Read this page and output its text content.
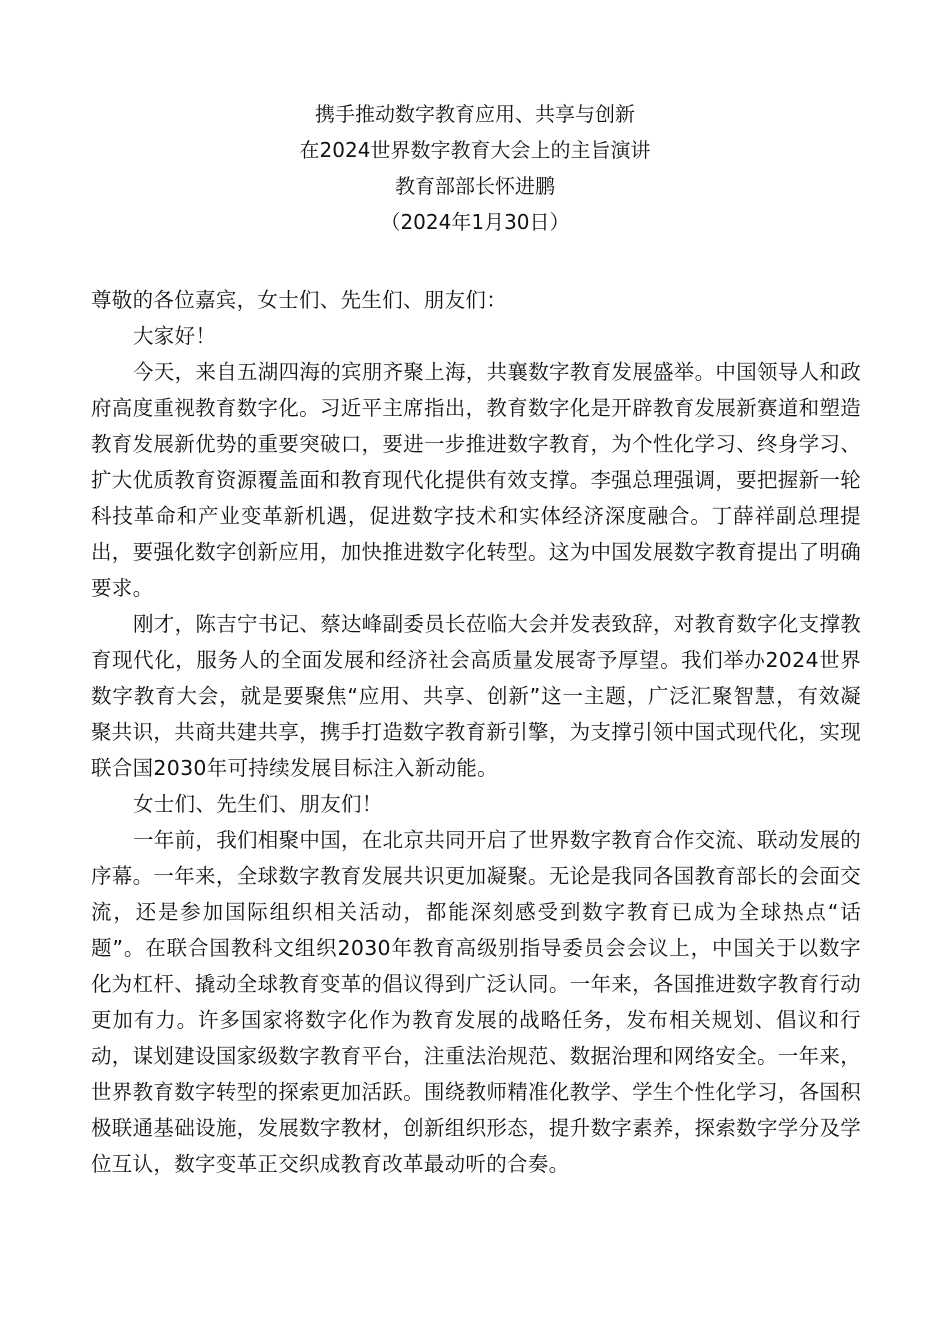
携手推动数字教育应用、共享与创新
在2024世界数字教育大会上的主旨演讲
教育部部长怀进鹏
（2024年1月30日）

尊敬的各位嘉宾，女士们、先生们、朋友们：

大家好！

今天，来自五湖四海的宾朋齐聚上海，共襄数字教育发展盛举。中国领导人和政府高度重视教育数字化。习近平主席指出，教育数字化是开辟教育发展新赛道和塑造教育发展新优势的重要突破口，要进一步推进数字教育，为个性化学习、终身学习、扩大优质教育资源覆盖面和教育现代化提供有效支撑。李强总理强调，要把握新一轮科技革命和产业变革新机遇，促进数字技术和实体经济深度融合。丁薛祥副总理提出，要强化数字创新应用，加快推进数字化转型。这为中国发展数字教育提出了明确要求。

刚才，陈吉宁书记、蔡达峰副委员长莅临大会并发表致辞，对教育数字化支撑教育现代化，服务人的全面发展和经济社会高质量发展寄予厚望。我们举办2024世界数字教育大会，就是要聚焦“应用、共享、创新”这一主题，广泛汇聚智慧，有效凝聚共识，共商共建共享，携手打造数字教育新引擎，为支撑引领中国式现代化，实现联合国2030年可持续发展目标注入新动能。

女士们、先生们、朋友们！

一年前，我们相聚中国，在北京共同开启了世界数字教育合作交流、联动发展的序幕。一年来，全球数字教育发展共识更加凝聚。无论是我同各国教育部长的会面交流，还是参加国际组织相关活动，都能深刻感受到数字教育已成为全球热点“话题”。在联合国教科文组织2030年教育高级别指导委员会会议上，中国关于以数字化为杠杆、撬动全球教育变革的倡议得到广泛认同。一年来，各国推进数字教育行动更加有力。许多国家将数字化作为教育发展的战略任务，发布相关规划、倡议和行动，谋划建设国家级数字教育平台，注重法治规范、数据治理和网络安全。一年来，世界教育数字转型的探索更加活跃。围绕教师精准化教学、学生个性化学习，各国积极联通基础设施，发展数字教材，创新组织形态，提升数字素养，探索数字学分及学位互认，数字变革正交织成教育改革最动听的合奏。
